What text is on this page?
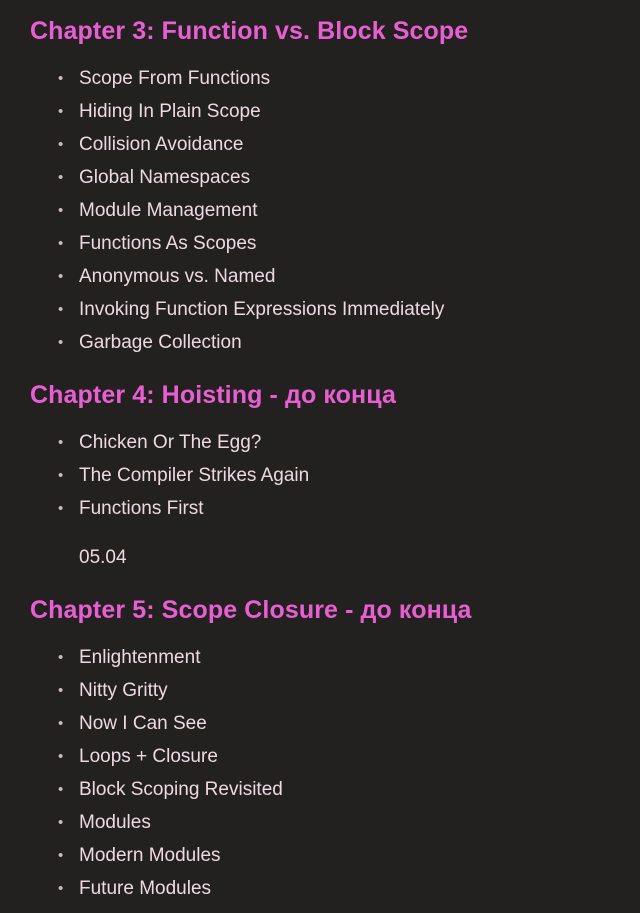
Chapter 3: Function vs. Block Scope
• Scope From Functions
• Hiding In Plain Scope
• Collision Avoidance
• Global Namespaces
• Module Management
• Functions As Scopes
• Anonymous vs. Named
• Invoking Function Expressions Immediately
• Garbage Collection
Chapter 4: Hoisting - до конца
• Chicken Or The Egg?
• The Compiler Strikes Again
• Functions First
05.04
Chapter 5: Scope Closure - до конца
• Enlightenment
• Nitty Gritty
• Now I Can See
• Loops + Closure
• Block Scoping Revisited
• Modules
• Modern Modules
• Future Modules
